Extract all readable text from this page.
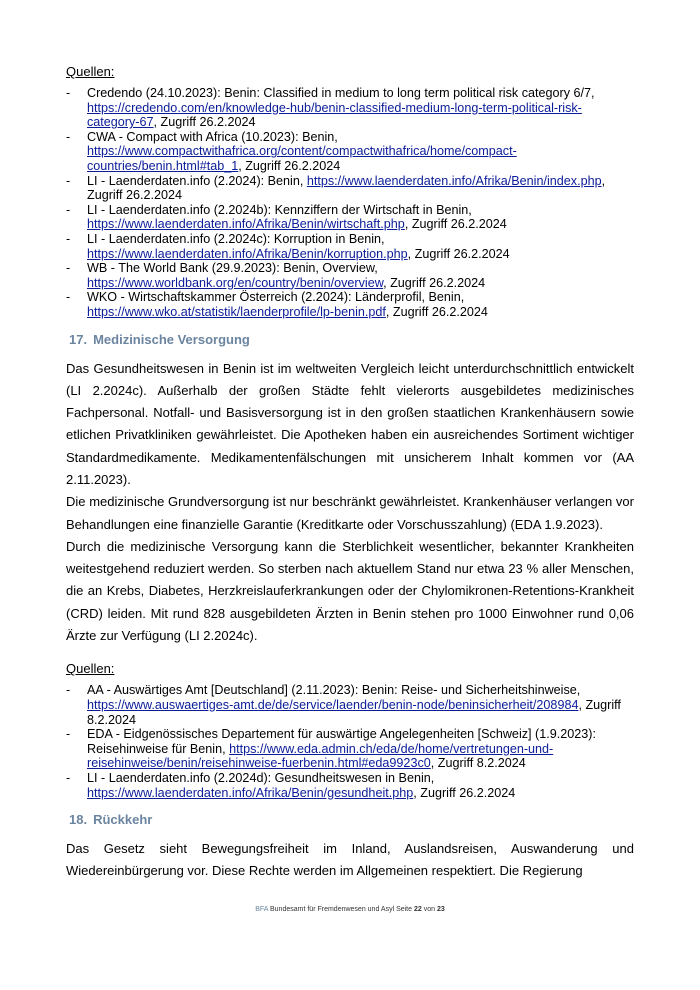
Quellen:
- Credendo (24.10.2023): Benin: Classified in medium to long term political risk category 6/7, https://credendo.com/en/knowledge-hub/benin-classified-medium-long-term-political-risk-category-67, Zugriff 26.2.2024
- CWA - Compact with Africa (10.2023): Benin, https://www.compactwithafrica.org/content/compactwithafrica/home/compact-countries/benin.html#tab_1, Zugriff 26.2.2024
- LI - Laenderdaten.info (2.2024): Benin, https://www.laenderdaten.info/Afrika/Benin/index.php, Zugriff 26.2.2024
- LI - Laenderdaten.info (2.2024b): Kennziffern der Wirtschaft in Benin, https://www.laenderdaten.info/Afrika/Benin/wirtschaft.php, Zugriff 26.2.2024
- LI - Laenderdaten.info (2.2024c): Korruption in Benin, https://www.laenderdaten.info/Afrika/Benin/korruption.php, Zugriff 26.2.2024
- WB - The World Bank (29.9.2023): Benin, Overview, https://www.worldbank.org/en/country/benin/overview, Zugriff 26.2.2024
- WKO - Wirtschaftskammer Österreich (2.2024): Länderprofil, Benin, https://www.wko.at/statistik/laenderprofile/lp-benin.pdf, Zugriff 26.2.2024
17. Medizinische Versorgung

Das Gesundheitswesen in Benin ist im weltweiten Vergleich leicht unterdurchschnittlich entwickelt (LI 2.2024c). Außerhalb der großen Städte fehlt vielerorts ausgebildetes medizinisches Fachpersonal. Notfall- und Basisversorgung ist in den großen staatlichen Krankenhäusern sowie etlichen Privatkliniken gewährleistet. Die Apotheken haben ein ausreichendes Sortiment wichtiger Standardmedikamente. Medikamentenfälschungen mit unsicherem Inhalt kommen vor (AA 2.11.2023).

Die medizinische Grundversorgung ist nur beschränkt gewährleistet. Krankenhäuser verlangen vor Behandlungen eine finanzielle Garantie (Kreditkarte oder Vorschusszahlung) (EDA 1.9.2023).

Durch die medizinische Versorgung kann die Sterblichkeit wesentlicher, bekannter Krankheiten weitestgehend reduziert werden. So sterben nach aktuellem Stand nur etwa 23 % aller Menschen, die an Krebs, Diabetes, Herzkreislauferkrankungen oder der Chylomikronen-Retentions-Krankheit (CRD) leiden. Mit rund 828 ausgebildeten Ärzten in Benin stehen pro 1000 Einwohner rund 0,06 Ärzte zur Verfügung (LI 2.2024c).

Quellen:
- AA - Auswärtiges Amt [Deutschland] (2.11.2023): Benin: Reise- und Sicherheitshinweise, https://www.auswaertiges-amt.de/de/service/laender/benin-node/beninsicherheit/208984, Zugriff 8.2.2024
- EDA - Eidgenössisches Departement für auswärtige Angelegenheiten [Schweiz] (1.9.2023): Reisehinweise für Benin, https://www.eda.admin.ch/eda/de/home/vertretungen-und-reisehinweise/benin/reisehinweise-fuerbenin.html#eda9923c0, Zugriff 8.2.2024
- LI - Laenderdaten.info (2.2024d): Gesundheitswesen in Benin, https://www.laenderdaten.info/Afrika/Benin/gesundheit.php, Zugriff 26.2.2024
18. Rückkehr

Das Gesetz sieht Bewegungsfreiheit im Inland, Auslandsreisen, Auswanderung und Wiedereinbürgerung vor. Diese Rechte werden im Allgemeinen respektiert. Die Regierung

BFA Bundesamt für Fremdenwesen und Asyl Seite 22 von 23
